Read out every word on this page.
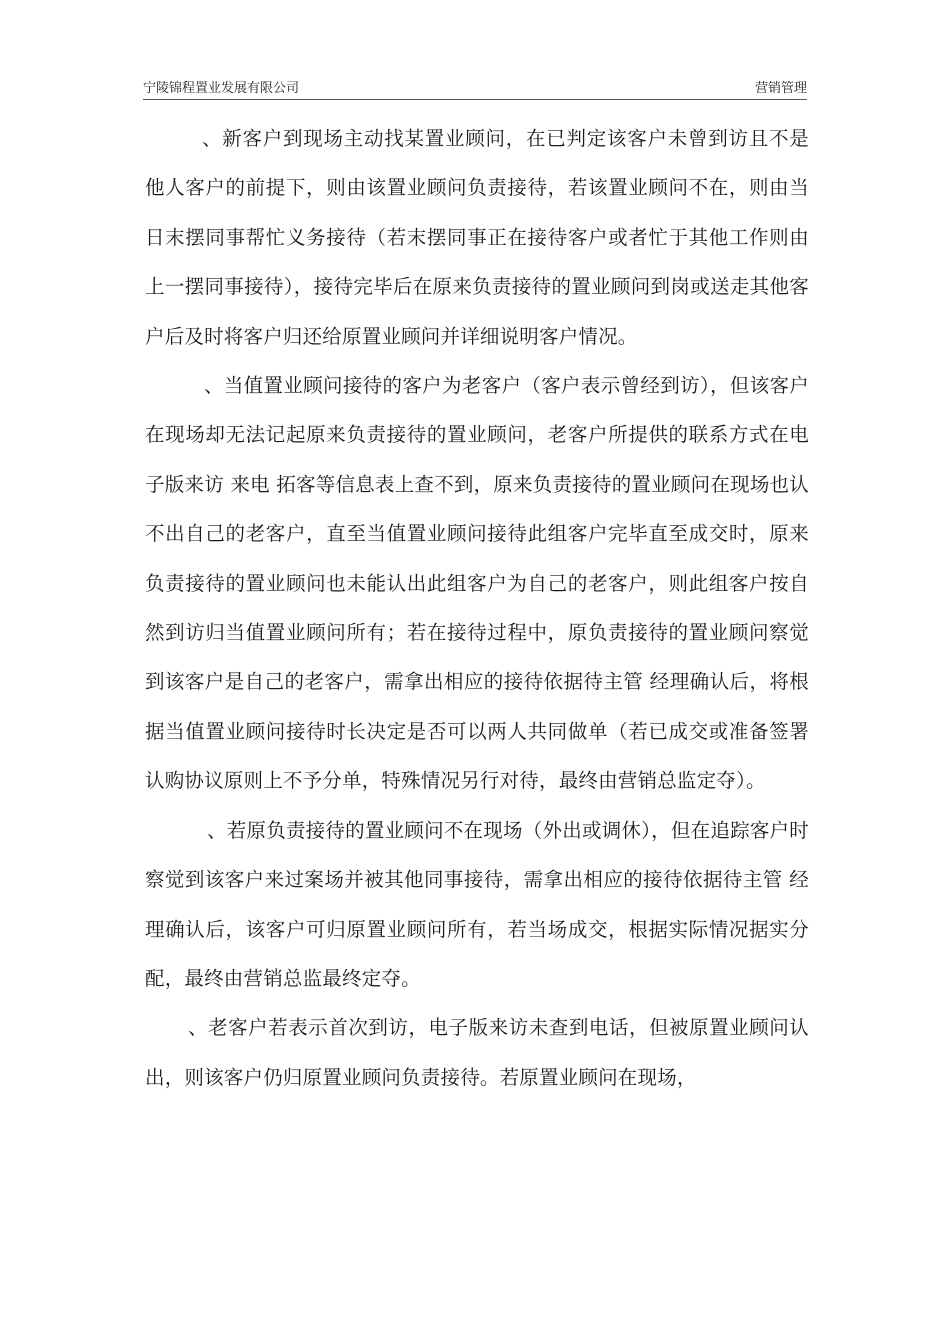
宁陵锦程置业发展有限公司	营销管理

、新客户到现场主动找某置业顾问，在已判定该客户未曾到访且不是他人客户的前提下，则由该置业顾问负责接待，若该置业顾问不在，则由当日末摆同事帮忙义务接待（若末摆同事正在接待客户或者忙于其他工作则由上一摆同事接待），接待完毕后在原来负责接待的置业顾问到岗或送走其他客户后及时将客户归还给原置业顾问并详细说明客户情况。

、当值置业顾问接待的客户为老客户（客户表示曾经到访），但该客户在现场却无法记起原来负责接待的置业顾问，老客户所提供的联系方式在电子版来访 来电 拓客等信息表上查不到，原来负责接待的置业顾问在现场也认不出自己的老客户，直至当值置业顾问接待此组客户完毕直至成交时，原来负责接待的置业顾问也未能认出此组客户为自己的老客户，则此组客户按自然到访归当值置业顾问所有；若在接待过程中，原负责接待的置业顾问察觉到该客户是自己的老客户，需拿出相应的接待依据待主管 经理确认后，将根据当值置业顾问接待时长决定是否可以两人共同做单（若已成交或准备签署认购协议原则上不予分单，特殊情况另行对待，最终由营销总监定夺）。

、若原负责接待的置业顾问不在现场（外出或调休），但在追踪客户时察觉到该客户来过案场并被其他同事接待，需拿出相应的接待依据待主管 经理确认后，该客户可归原置业顾问所有，若当场成交，根据实际情况据实分配，最终由营销总监最终定夺。

、老客户若表示首次到访，电子版来访未查到电话，但被原置业顾问认出，则该客户仍归原置业顾问负责接待。若原置业顾问在现场，
